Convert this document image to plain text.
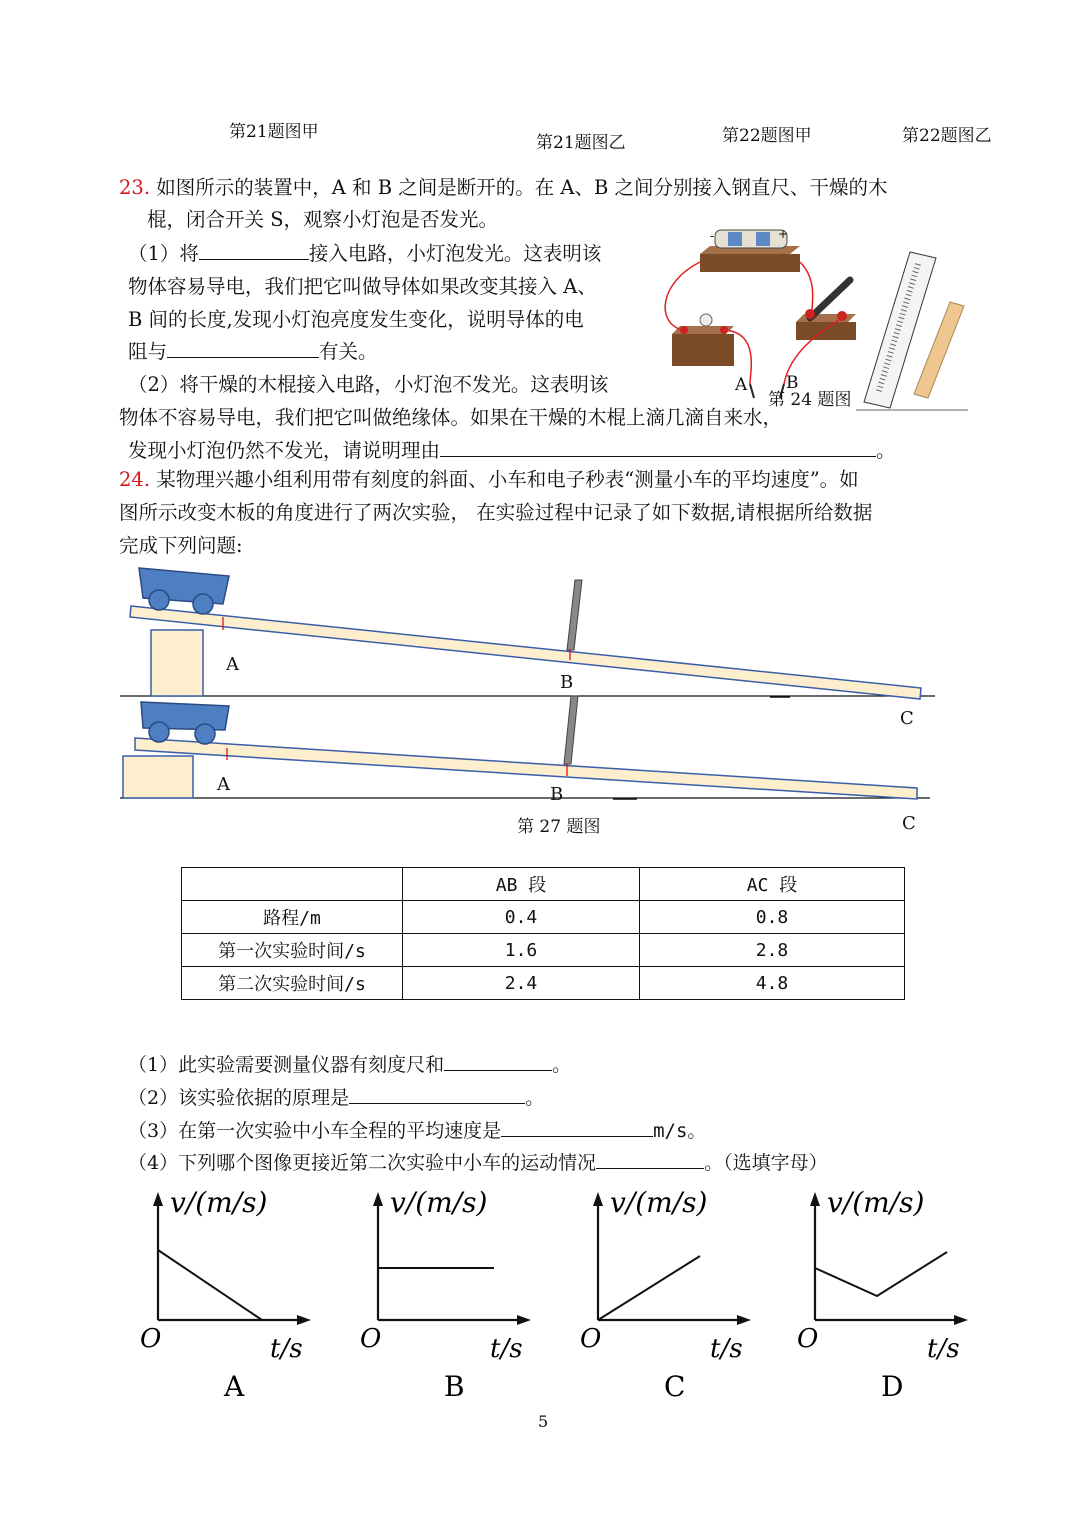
第21题图甲
第21题图乙	第22题图甲	第22题图乙
23. 如图所示的装置中，A 和 B 之间是断开的。在 A、B 之间分别接入钢直尺、干燥的木
棍，闭合开关 S，观察小灯泡是否发光。
（1）将	接入电路，小灯泡发光。这表明该
物体容易导电，我们把它叫做导体如果改变其接入 A、
B 间的长度,发现小灯泡亮度发生变化，说明导体的电
阻与	有关。
（2）将干燥的木棍接入电路，小灯泡不发光。这表明该
物体不容易导电，我们把它叫做绝缘体。如果在干燥的木棍上滴几滴自来水，
发现小灯泡仍然不发光，请说明理由	。
-	+
A B
第 24 题图
24. 某物理兴趣小组利用带有刻度的斜面、小车和电子秒表“测量小车的平均速度”。如
图所示改变木板的角度进行了两次实验， 在实验过程中记录了如下数据,请根据所给数据
完成下列问题:
A
B
C
A	B
C
第 27 题图
	AB 段	AC 段
路程/m	0.4	0.8
第一次实验时间/s	1.6	2.8
第二次实验时间/s	2.4	4.8
（1）此实验需要测量仪器有刻度尺和	。
（2）该实验依据的原理是	。
（3）在第一次实验中小车全程的平均速度是	m/s。
（4）下列哪个图像更接近第二次实验中小车的运动情况	。（选填字母）
v/(m/s)
t/s
O
A
v/(m/s)
t/s
O
B
v/(m/s)
t/s
O
C
v/(m/s)
t/s
O
D
5
